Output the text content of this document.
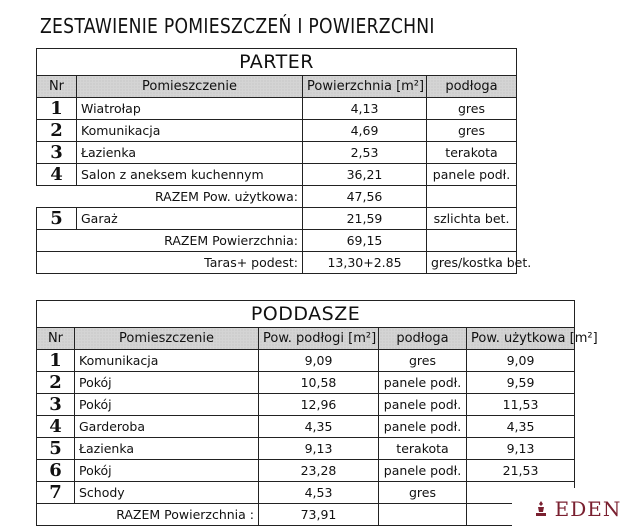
ZESTAWIENIE POMIESZCZEŃ I POWIERZCHNI
PARTER			
Nr	Pomieszczenie	Powierzchnia [m²]	podłoga
1	Wiatrołap	4,13	gres
2	Komunikacja	4,69	gres
3	Łazienka	2,53	terakota
4	Salon z aneksem kuchennym	36,21	panele podł.
RAZEM Pow. użytkowa:		47,56	
5	Garaż	21,59	szlichta bet.
RAZEM Powierzchnia:		69,15	
Taras+ podest:		13,30+2.85	gres/kostka bet.
PODDASZE				
Nr	Pomieszczenie	Pow. podłogi [m²]	podłoga	Pow. użytkowa [m²]
1	Komunikacja	9,09	gres	9,09
2	Pokój	10,58	panele podł.	9,59
3	Pokój	12,96	panele podł.	11,53
4	Garderoba	4,35	panele podł.	4,35
5	Łazienka	9,13	terakota	9,13
6	Pokój	23,28	panele podł.	21,53
7	Schody	4,53	gres	
RAZEM Powierzchnia :		73,91			EDEN
